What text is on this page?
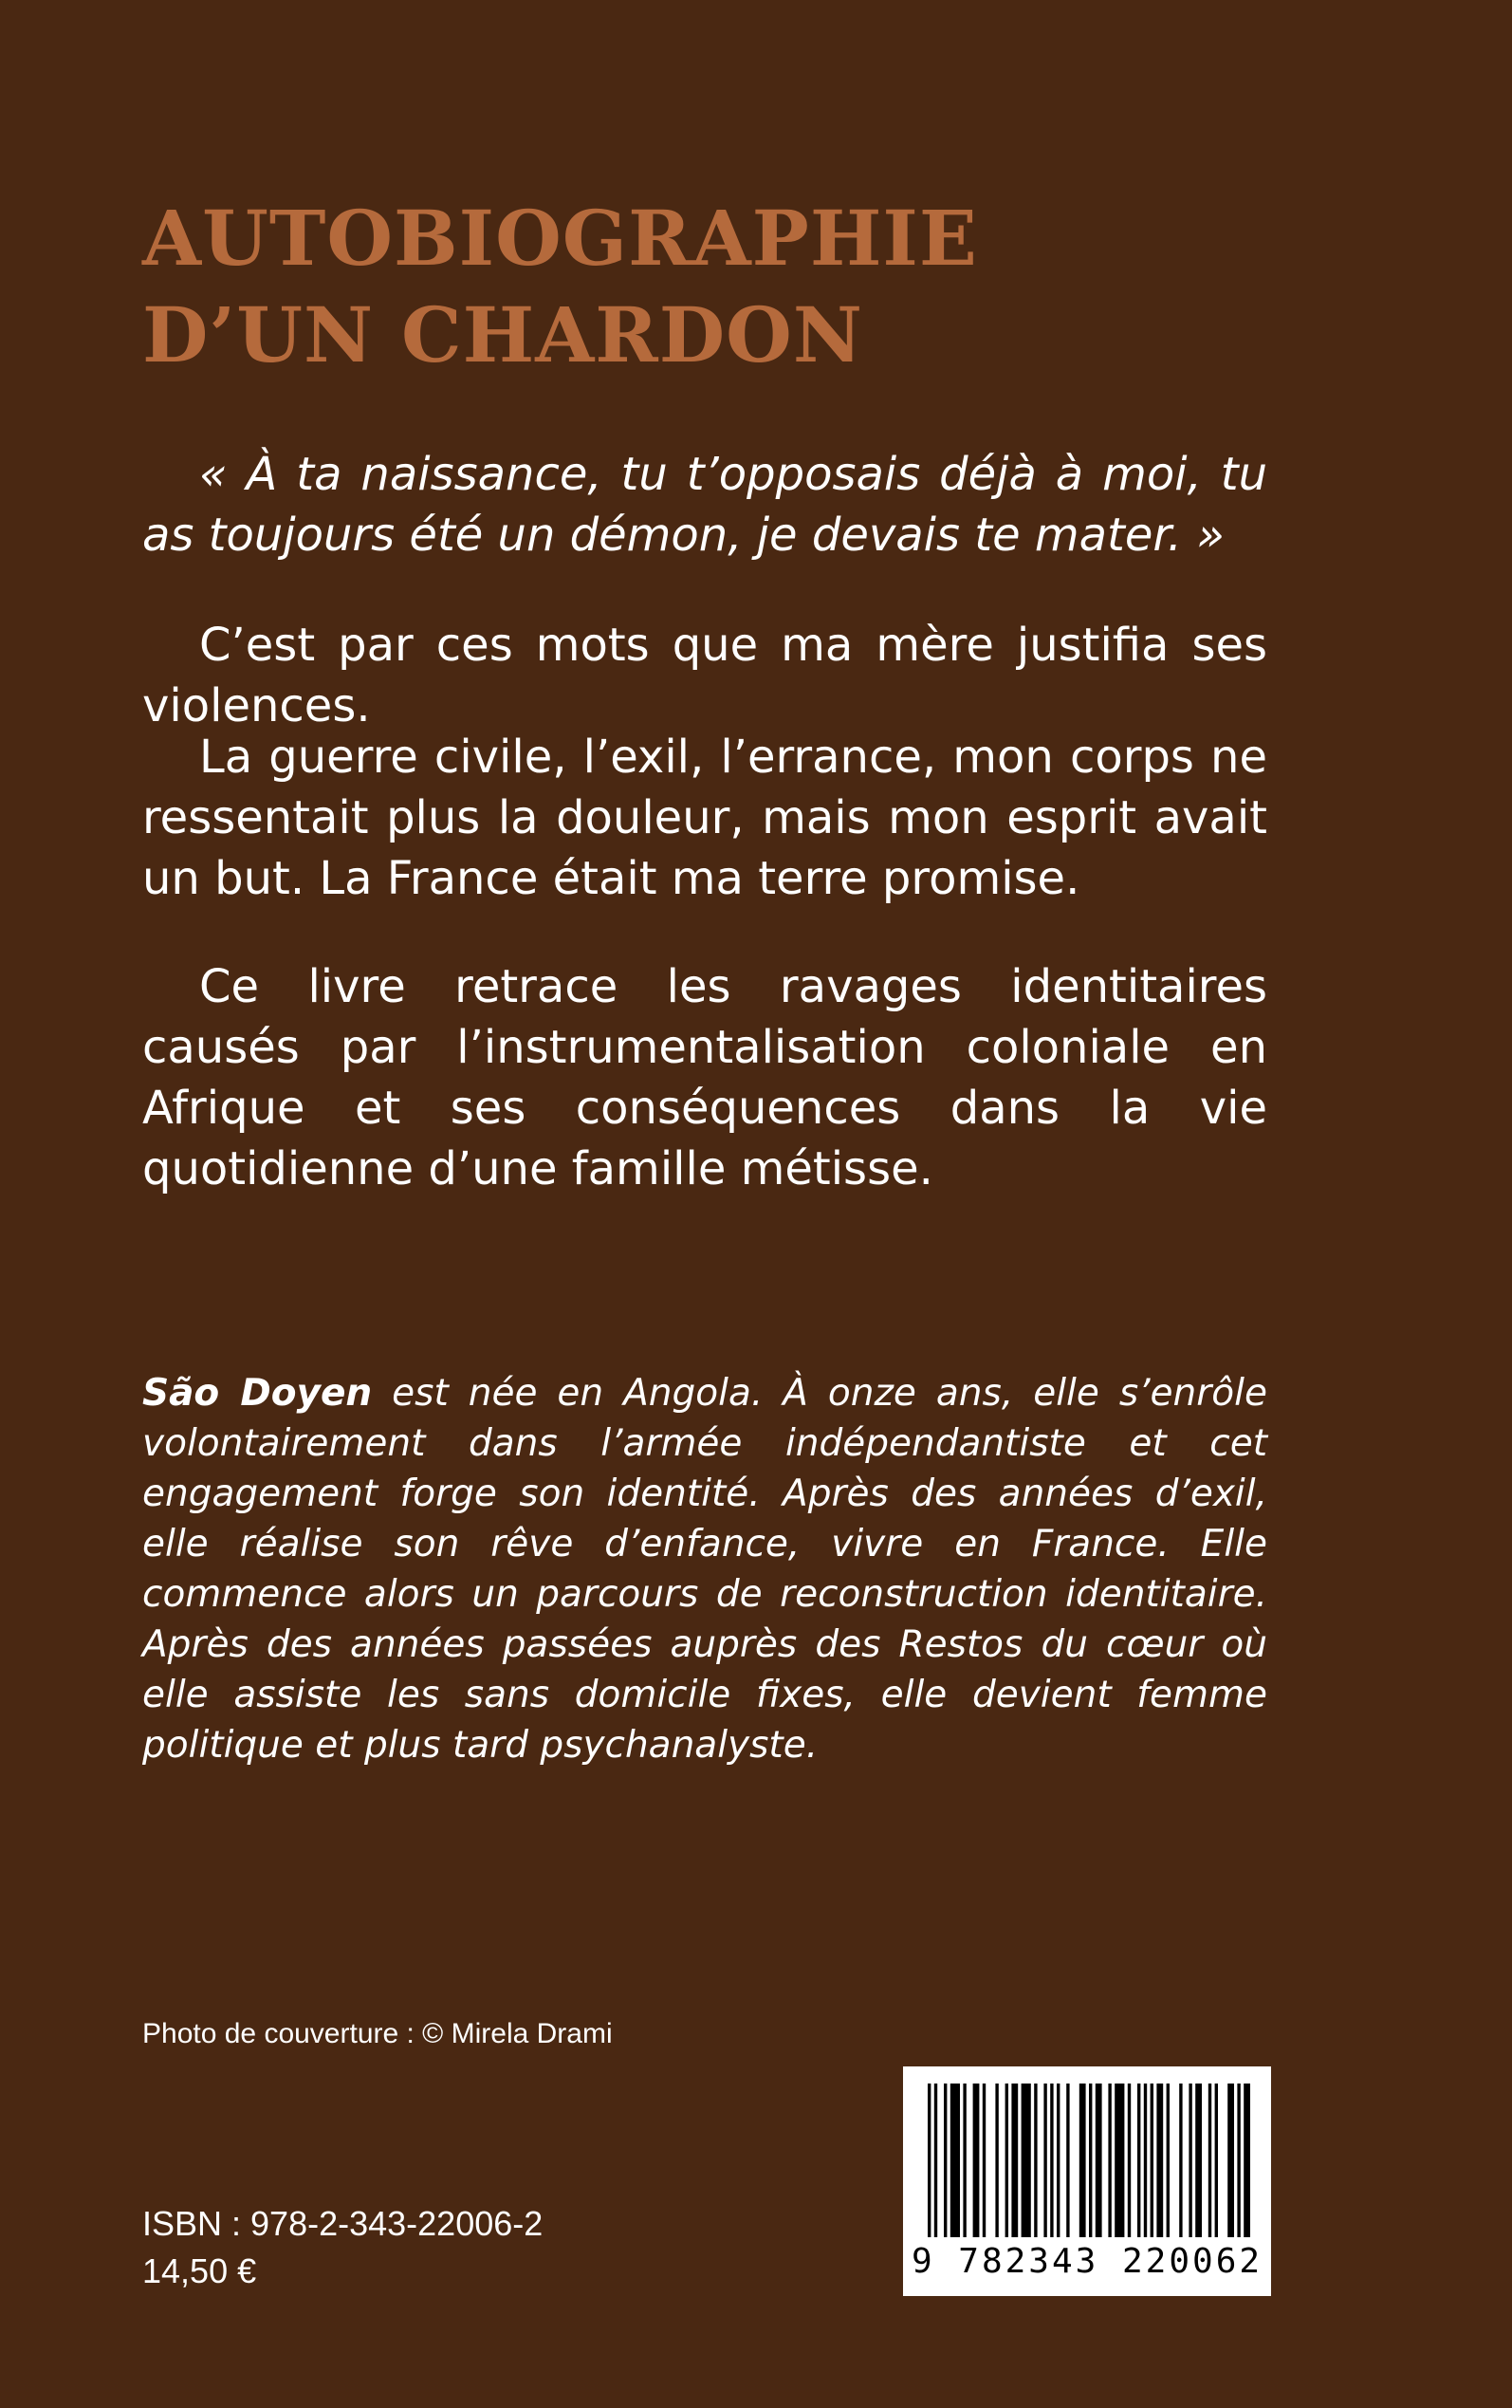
AUTOBIOGRAPHIE
D’UN CHARDON

« À ta naissance, tu t’opposais déjà à moi, tu as toujours été un démon, je devais te mater. »

C’est par ces mots que ma mère justifia ses violences.

La guerre civile, l’exil, l’errance, mon corps ne ressentait plus la douleur, mais mon esprit avait un but. La France était ma terre promise.

Ce livre retrace les ravages identitaires causés par l’instrumentalisation coloniale en Afrique et ses conséquences dans la vie quotidienne d’une famille métisse.

São Doyen est née en Angola. À onze ans, elle s’enrôle volontairement dans l’armée indépendantiste et cet engagement forge son identité. Après des années d’exil, elle réalise son rêve d’enfance, vivre en France. Elle commence alors un parcours de reconstruction identitaire. Après des années passées auprès des Restos du cœur où elle assiste les sans domicile fixes, elle devient femme politique et plus tard psychanalyste.

Photo de couverture : © Mirela Drami
ISBN : 978-2-343-22006-2
14,50 €	9 782343 220062
